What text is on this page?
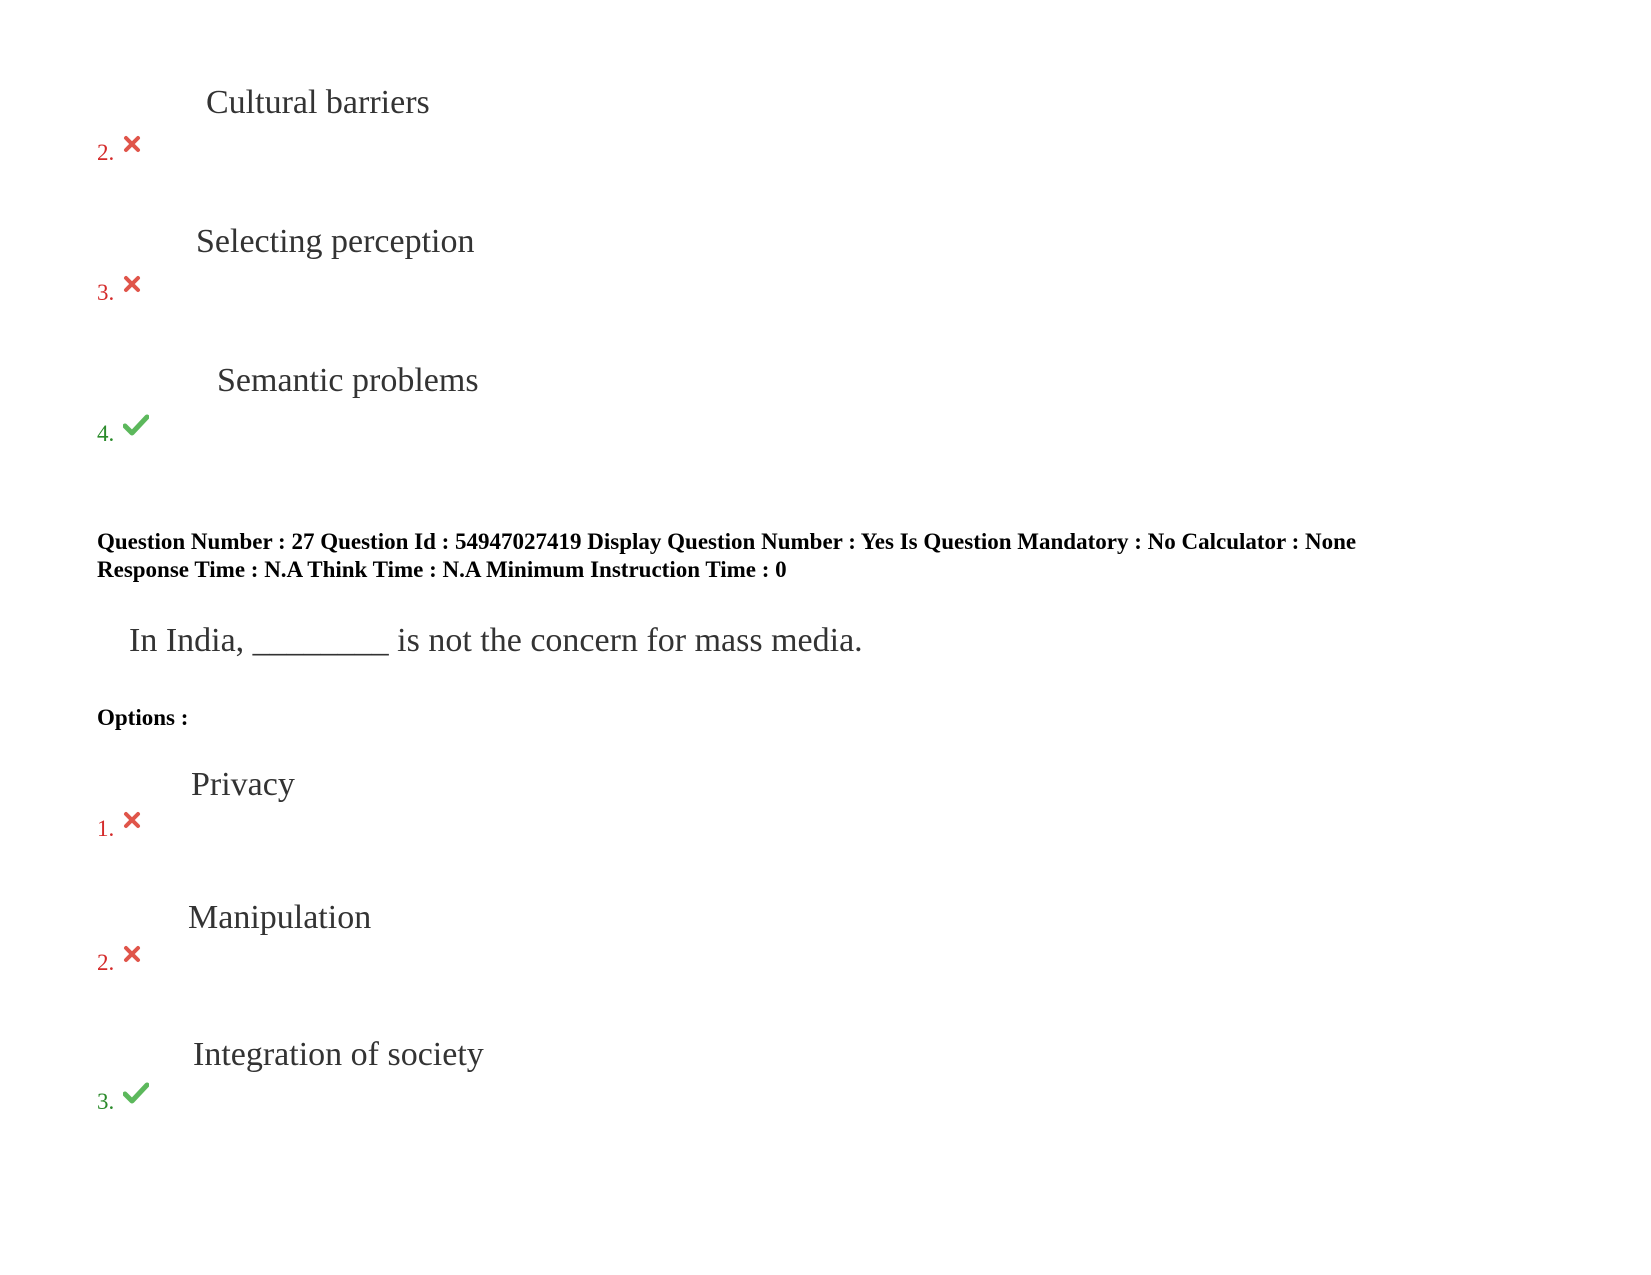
Cultural barriers
2.
Selecting perception
3.
Semantic problems
4.
Question Number : 27 Question Id : 54947027419 Display Question Number : Yes Is Question Mandatory : No Calculator : None
Response Time : N.A Think Time : N.A Minimum Instruction Time : 0
In India, ________ is not the concern for mass media.
Options :
Privacy
1.
Manipulation
2.
Integration of society
3.
